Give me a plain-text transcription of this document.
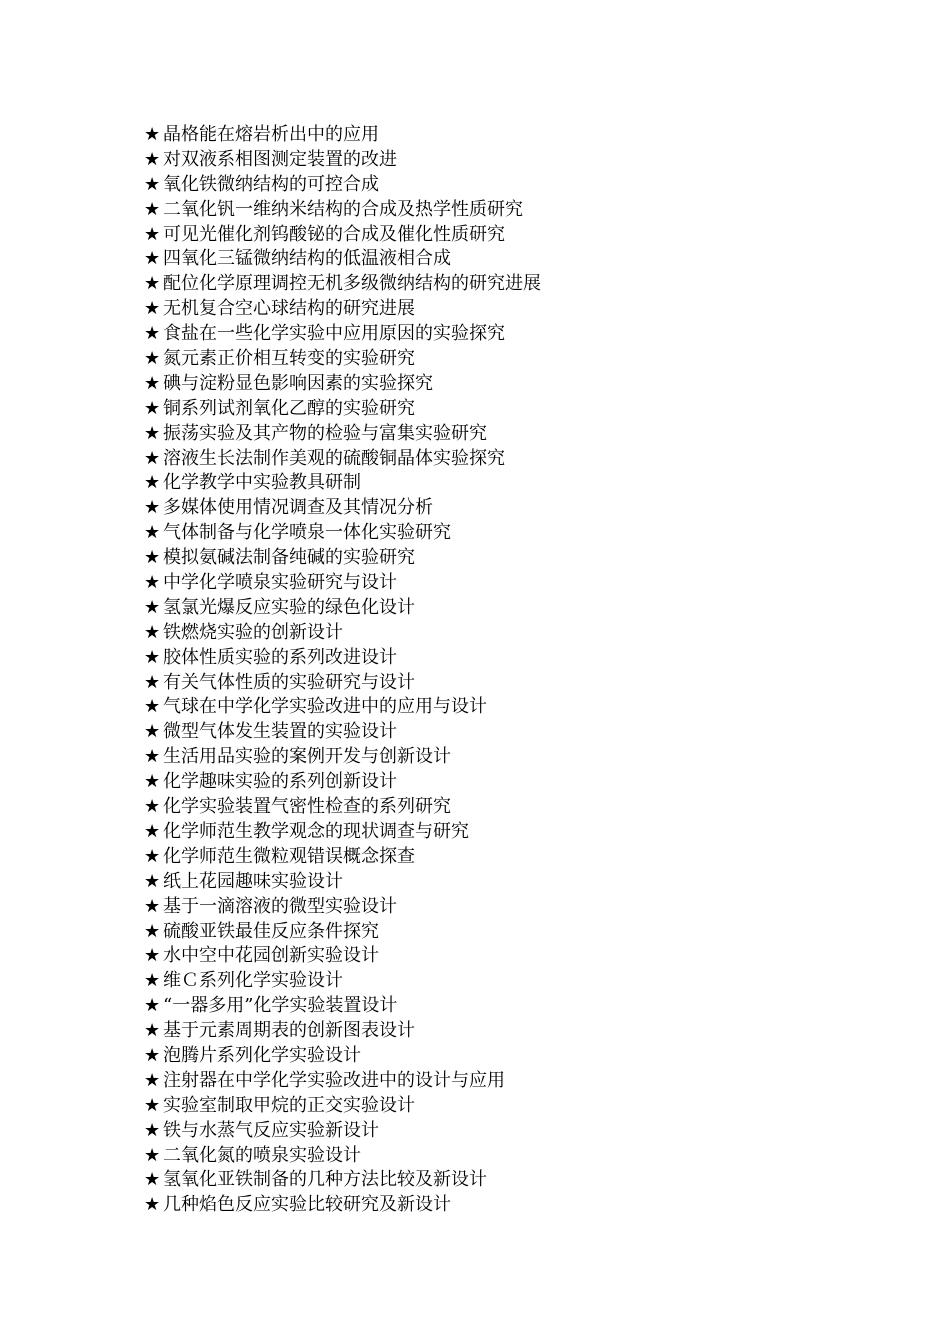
★ 晶格能在熔岩析出中的应用
★ 对双液系相图测定装置的改进
★ 氧化铁微纳结构的可控合成
★ 二氧化钒一维纳米结构的合成及热学性质研究
★ 可见光催化剂钨酸铋的合成及催化性质研究
★ 四氧化三锰微纳结构的低温液相合成
★ 配位化学原理调控无机多级微纳结构的研究进展
★ 无机复合空心球结构的研究进展
★ 食盐在一些化学实验中应用原因的实验探究
★ 氮元素正价相互转变的实验研究
★ 碘与淀粉显色影响因素的实验探究
★ 铜系列试剂氧化乙醇的实验研究
★ 振荡实验及其产物的检验与富集实验研究
★ 溶液生长法制作美观的硫酸铜晶体实验探究
★ 化学教学中实验教具研制
★ 多媒体使用情况调查及其情况分析
★ 气体制备与化学喷泉一体化实验研究
★ 模拟氨碱法制备纯碱的实验研究
★ 中学化学喷泉实验研究与设计
★ 氢氯光爆反应实验的绿色化设计
★ 铁燃烧实验的创新设计
★ 胶体性质实验的系列改进设计
★ 有关气体性质的实验研究与设计
★ 气球在中学化学实验改进中的应用与设计
★ 微型气体发生装置的实验设计
★ 生活用品实验的案例开发与创新设计
★ 化学趣味实验的系列创新设计
★ 化学实验装置气密性检查的系列研究
★ 化学师范生教学观念的现状调查与研究
★ 化学师范生微粒观错误概念探查
★ 纸上花园趣味实验设计
★ 基于一滴溶液的微型实验设计
★ 硫酸亚铁最佳反应条件探究
★ 水中空中花园创新实验设计
★ 维Ｃ系列化学实验设计
★ “一器多用”化学实验装置设计
★ 基于元素周期表的创新图表设计
★ 泡腾片系列化学实验设计
★ 注射器在中学化学实验改进中的设计与应用
★ 实验室制取甲烷的正交实验设计
★ 铁与水蒸气反应实验新设计
★ 二氧化氮的喷泉实验设计
★ 氢氧化亚铁制备的几种方法比较及新设计
★ 几种焰色反应实验比较研究及新设计
